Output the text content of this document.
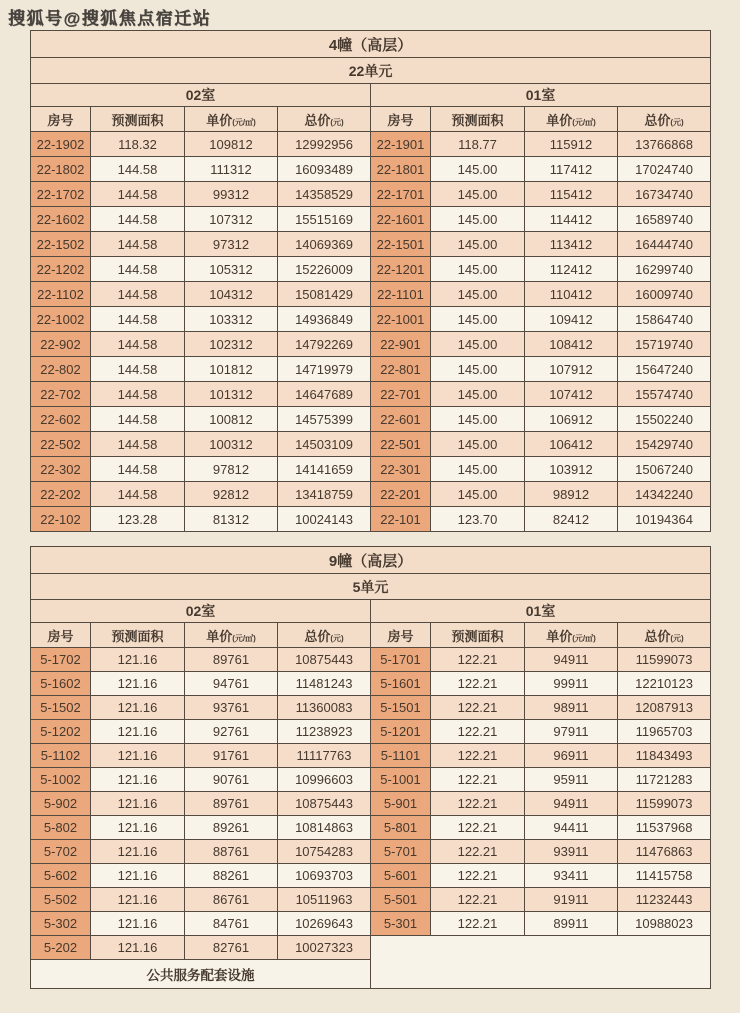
搜狐号@搜狐焦点宿迁站
4幢（高层）							
22单元							
02室				01室			
房号	预测面积	单价(元/㎡)	总价(元)	房号	预测面积	单价(元/㎡)	总价(元)
22-1902	118.32	109812	12992956	22-1901	118.77	115912	13766868
22-1802	144.58	111312	16093489	22-1801	145.00	117412	17024740
22-1702	144.58	99312	14358529	22-1701	145.00	115412	16734740
22-1602	144.58	107312	15515169	22-1601	145.00	114412	16589740
22-1502	144.58	97312	14069369	22-1501	145.00	113412	16444740
22-1202	144.58	105312	15226009	22-1201	145.00	112412	16299740
22-1102	144.58	104312	15081429	22-1101	145.00	110412	16009740
22-1002	144.58	103312	14936849	22-1001	145.00	109412	15864740
22-902	144.58	102312	14792269	22-901	145.00	108412	15719740
22-802	144.58	101812	14719979	22-801	145.00	107912	15647240
22-702	144.58	101312	14647689	22-701	145.00	107412	15574740
22-602	144.58	100812	14575399	22-601	145.00	106912	15502240
22-502	144.58	100312	14503109	22-501	145.00	106412	15429740
22-302	144.58	97812	14141659	22-301	145.00	103912	15067240
22-202	144.58	92812	13418759	22-201	145.00	98912	14342240
22-102	123.28	81312	10024143	22-101	123.70	82412	10194364
9幢（高层）							
5单元							
02室				01室			
房号	预测面积	单价(元/㎡)	总价(元)	房号	预测面积	单价(元/㎡)	总价(元)
5-1702	121.16	89761	10875443	5-1701	122.21	94911	11599073
5-1602	121.16	94761	11481243	5-1601	122.21	99911	12210123
5-1502	121.16	93761	11360083	5-1501	122.21	98911	12087913
5-1202	121.16	92761	11238923	5-1201	122.21	97911	11965703
5-1102	121.16	91761	11117763	5-1101	122.21	96911	11843493
5-1002	121.16	90761	10996603	5-1001	122.21	95911	11721283
5-902	121.16	89761	10875443	5-901	122.21	94911	11599073
5-802	121.16	89261	10814863	5-801	122.21	94411	11537968
5-702	121.16	88761	10754283	5-701	122.21	93911	11476863
5-602	121.16	88261	10693703	5-601	122.21	93411	11415758
5-502	121.16	86761	10511963	5-501	122.21	91911	11232443
5-302	121.16	84761	10269643	5-301	122.21	89911	10988023
5-202	121.16	82761	10027323				
公共服务配套设施							
